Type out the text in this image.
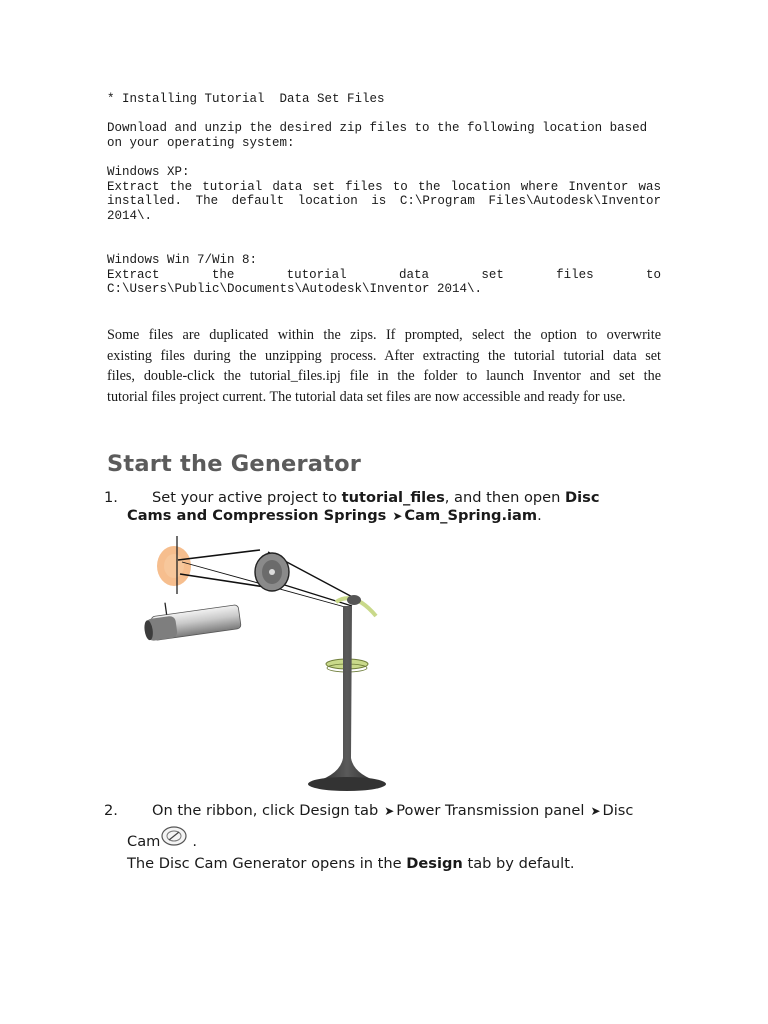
* Installing Tutorial  Data Set Files
Download and unzip the desired zip files to the following location based
on your operating system:
Windows XP:
Extract the tutorial data set files to the location where Inventor was
installed. The default location is C:\Program Files\Autodesk\Inventor
2014\.
Windows Win 7/Win 8:
Extract the tutorial data set files to
C:\Users\Public\Documents\Autodesk\Inventor 2014\.
Some files are duplicated within the zips. If prompted, select the option to overwrite
existing files during the unzipping process. After extracting the tutorial tutorial data set
files, double-click the tutorial_files.ipj file in the folder to launch Inventor and set the
tutorial files project current. The tutorial data set files are now accessible and ready for use.
Start the Generator
1. Set your active project to tutorial_files, and then open Disc
Cams and Compression Springs ➤ Cam_Spring.iam.
2. On the ribbon, click Design tab ➤ Power Transmission panel ➤ Disc
Cam .
The Disc Cam Generator opens in the Design tab by default.
